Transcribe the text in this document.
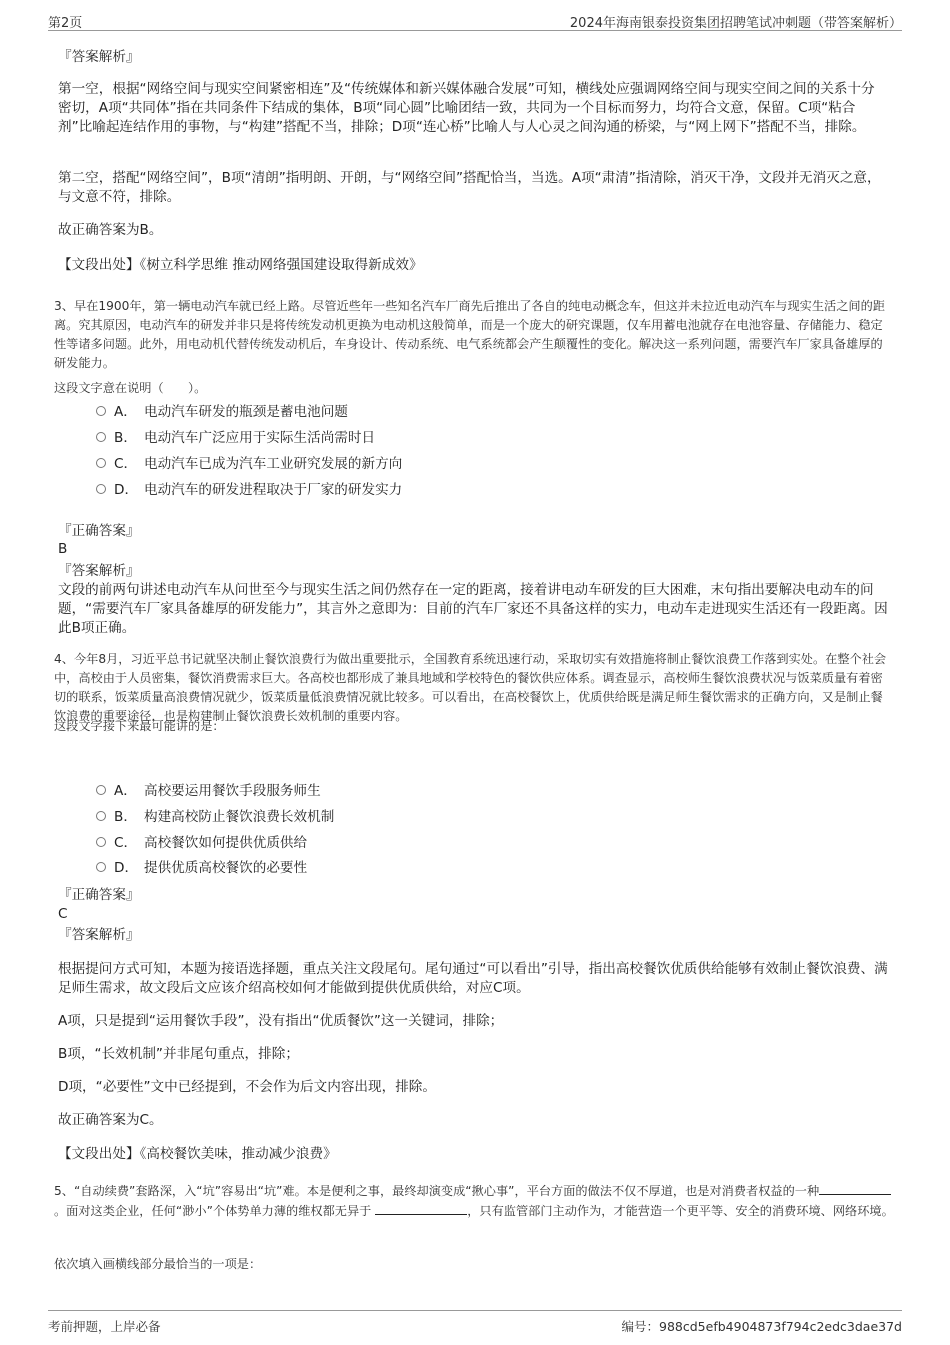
第2页	2024年海南银泰投资集团招聘笔试冲刺题（带答案解析）

『答案解析』

第一空，根据“网络空间与现实空间紧密相连”及“传统媒体和新兴媒体融合发展”可知，横线处应强调网络空间与现实空间之间的关系十分密切，A项“共同体”指在共同条件下结成的集体，B项“同心圆”比喻团结一致，共同为一个目标而努力，均符合文意，保留。C项“粘合剂”比喻起连结作用的事物，与“构建”搭配不当，排除；D项“连心桥”比喻人与人心灵之间沟通的桥梁，与“网上网下”搭配不当，排除。

第二空，搭配“网络空间”，B项“清朗”指明朗、开朗，与“网络空间”搭配恰当，当选。A项“肃清”指清除，消灭干净，文段并无消灭之意，与文意不符，排除。

故正确答案为B。

【文段出处】《树立科学思维 推动网络强国建设取得新成效》

3、早在1900年，第一辆电动汽车就已经上路。尽管近些年一些知名汽车厂商先后推出了各自的纯电动概念车，但这并未拉近电动汽车与现实生活之间的距离。究其原因，电动汽车的研发并非只是将传统发动机更换为电动机这般简单，而是一个庞大的研究课题，仅车用蓄电池就存在电池容量、存储能力、稳定性等诸多问题。此外，用电动机代替传统发动机后，车身设计、传动系统、电气系统都会产生颠覆性的变化。解决这一系列问题，需要汽车厂家具备雄厚的研发能力。

这段文字意在说明（　　）。

A． 电动汽车研发的瓶颈是蓄电池问题
B． 电动汽车广泛应用于实际生活尚需时日
C． 电动汽车已成为汽车工业研究发展的新方向
D． 电动汽车的研发进程取决于厂家的研发实力

『正确答案』

B

『答案解析』

文段的前两句讲述电动汽车从问世至今与现实生活之间仍然存在一定的距离，接着讲电动车研发的巨大困难，末句指出要解决电动车的问题，“需要汽车厂家具备雄厚的研发能力”，其言外之意即为：目前的汽车厂家还不具备这样的实力，电动车走进现实生活还有一段距离。因此B项正确。

4、今年8月，习近平总书记就坚决制止餐饮浪费行为做出重要批示，全国教育系统迅速行动，采取切实有效措施将制止餐饮浪费工作落到实处。在整个社会中，高校由于人员密集，餐饮消费需求巨大。各高校也都形成了兼具地域和学校特色的餐饮供应体系。调查显示，高校师生餐饮浪费状况与饭菜质量有着密切的联系，饭菜质量高浪费情况就少，饭菜质量低浪费情况就比较多。可以看出，在高校餐饮上，优质供给既是满足师生餐饮需求的正确方向，又是制止餐饮浪费的重要途径，也是构建制止餐饮浪费长效机制的重要内容。

这段文字接下来最可能讲的是：

A． 高校要运用餐饮手段服务师生
B． 构建高校防止餐饮浪费长效机制
C． 高校餐饮如何提供优质供给
D． 提供优质高校餐饮的必要性

『正确答案』

C

『答案解析』

根据提问方式可知，本题为接语选择题，重点关注文段尾句。尾句通过“可以看出”引导，指出高校餐饮优质供给能够有效制止餐饮浪费、满足师生需求，故文段后文应该介绍高校如何才能做到提供优质供给，对应C项。

A项，只是提到“运用餐饮手段”，没有指出“优质餐饮”这一关键词，排除；

B项，“长效机制”并非尾句重点，排除；

D项，“必要性”文中已经提到，不会作为后文内容出现，排除。

故正确答案为C。

【文段出处】《高校餐饮美味，推动减少浪费》

5、“自动续费”套路深，入“坑”容易出“坑”难。本是便利之事，最终却演变成“揪心事”，平台方面的做法不仅不厚道，也是对消费者权益的一种。面对这类企业，任何“渺小”个体势单力薄的维权都无异于	，只有监管部门主动作为，才能营造一个更平等、安全的消费环境、网络环境。

依次填入画横线部分最恰当的一项是：

考前押题，上岸必备	编号：988cd5efb4904873f794c2edc3dae37d
